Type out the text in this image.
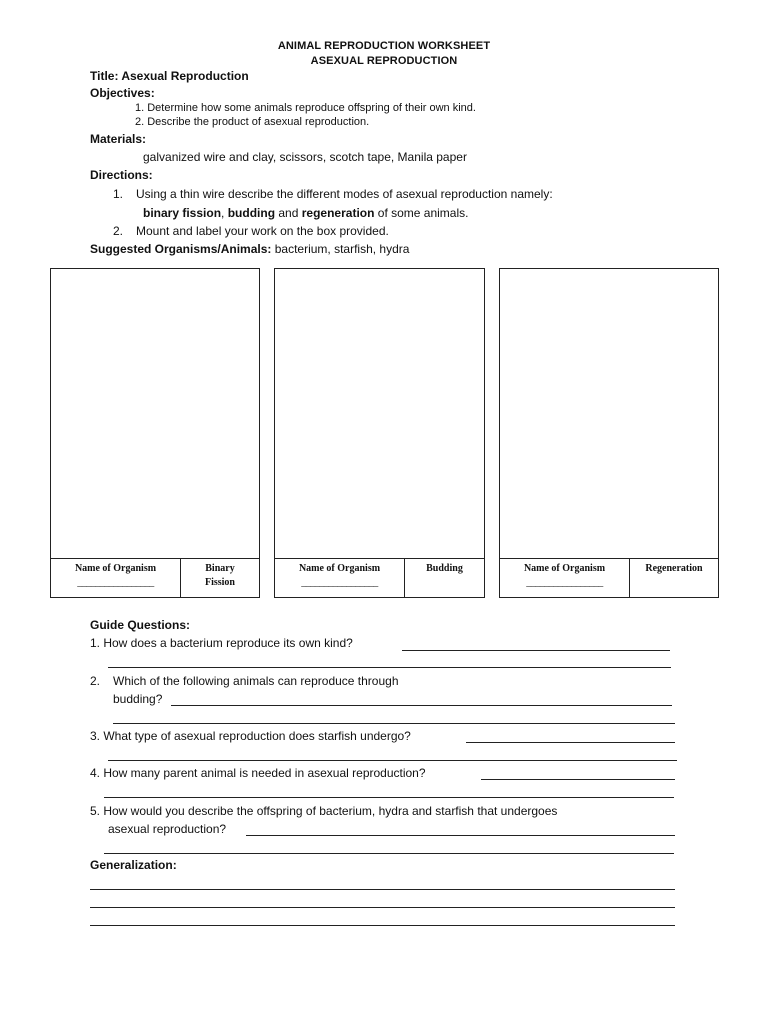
ANIMAL REPRODUCTION WORKSHEET
ASEXUAL REPRODUCTION
Title: Asexual Reproduction
Objectives:
1. Determine how some animals reproduce offspring of their own kind.
2. Describe the product of asexual reproduction.
Materials:
galvanized wire and clay, scissors, scotch tape, Manila paper
Directions:
1. Using a thin wire describe the different modes of asexual reproduction namely:
binary fission, budding and regeneration of some animals.
2. Mount and label your work on the box provided.
Suggested Organisms/Animals: bacterium, starfish, hydra
Name of Organism
_________________
Binary
Fission
Name of Organism
_________________
Budding	Name of Organism
_________________
Regeneration
Guide Questions:
1. How does a bacterium reproduce its own kind?
2. Which of the following animals can reproduce through
budding?
3. What type of asexual reproduction does starfish undergo?
4. How many parent animal is needed in asexual reproduction?
5. How would you describe the offspring of bacterium, hydra and starfish that undergoes
asexual reproduction?
Generalization:
